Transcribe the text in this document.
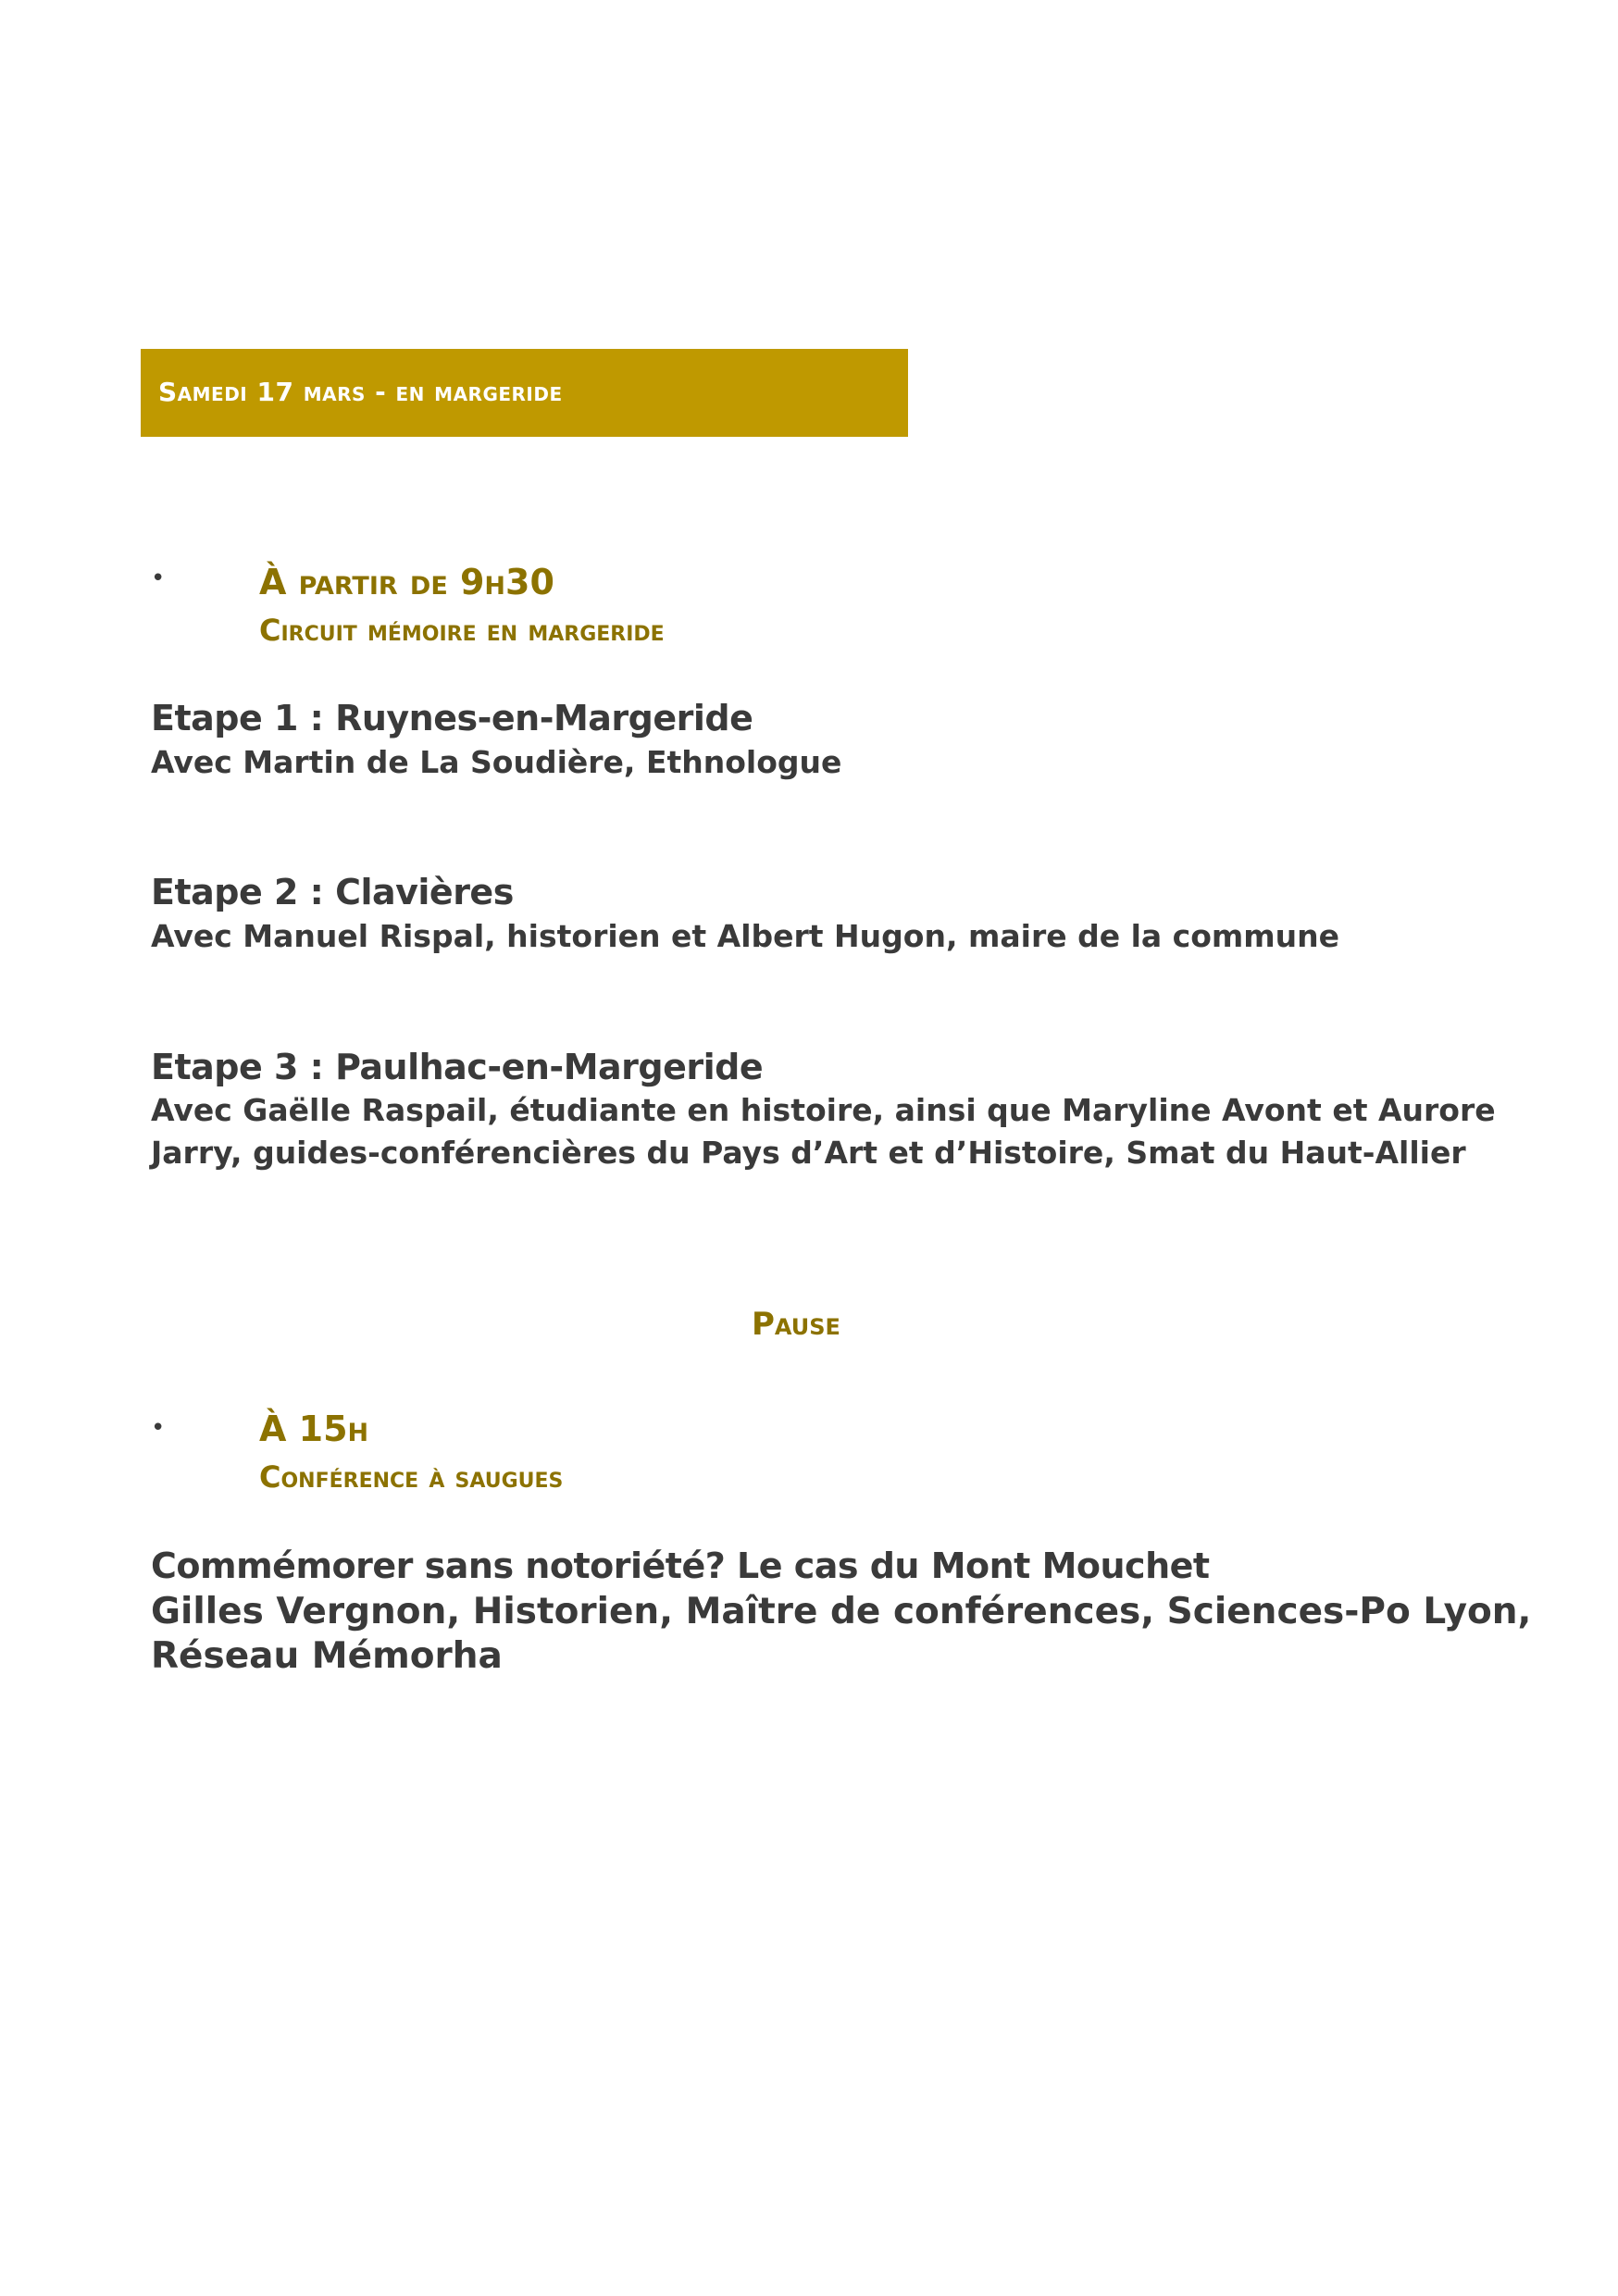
Samedi 17 mars - en margeride
•	À partir de 9h30
Circuit mémoire en margeride
Etape 1 : Ruynes-en-Margeride
Avec Martin de La Soudière, Ethnologue
Etape 2 : Clavières
Avec Manuel Rispal, historien et Albert Hugon, maire de la commune
Etape 3 : Paulhac-en-Margeride
Avec Gaëlle Raspail, étudiante en histoire, ainsi que Maryline Avont et Aurore
Jarry, guides-conférencières du Pays d’Art et d’Histoire, Smat du Haut-Allier
Pause
•	À 15h
Conférence à saugues
Commémorer sans notoriété? Le cas du Mont Mouchet
Gilles Vergnon, Historien, Maître de conférences, Sciences-Po Lyon,
Réseau Mémorha
